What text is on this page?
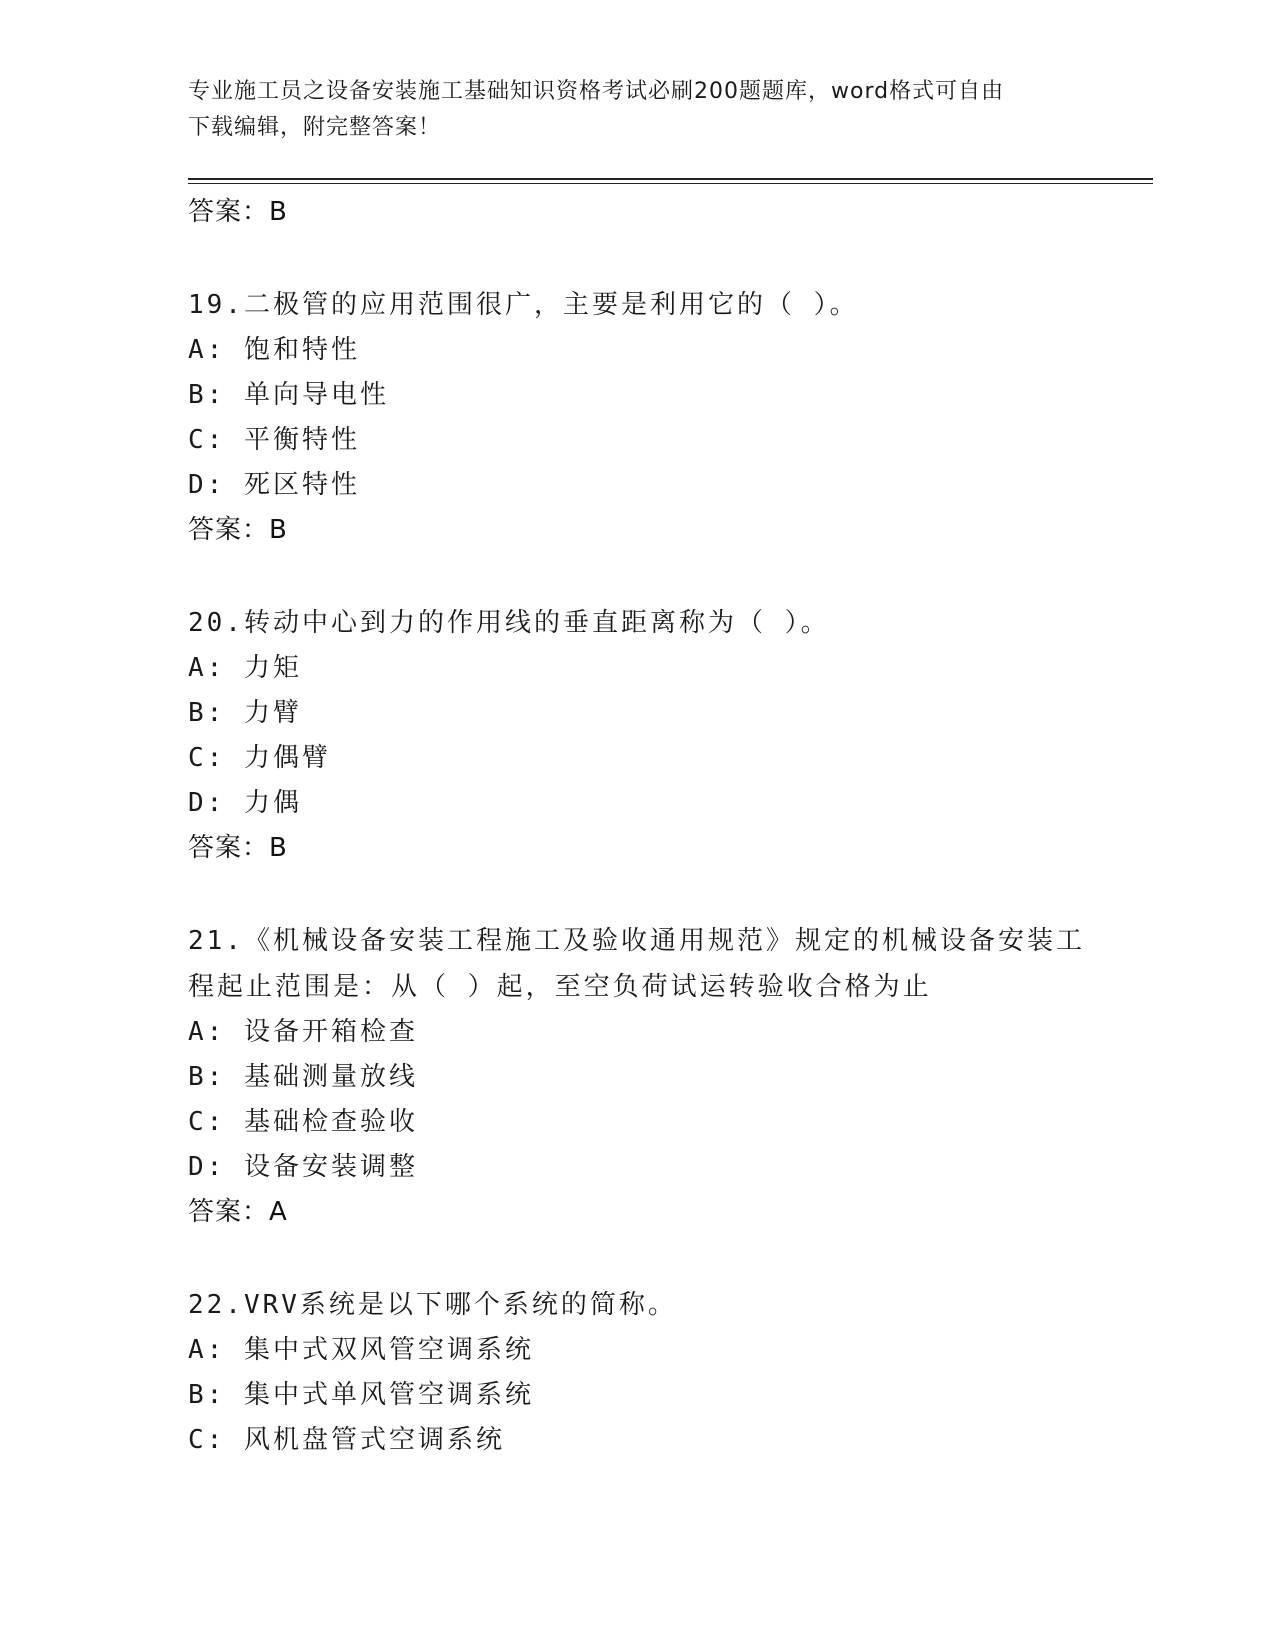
专业施工员之设备安装施工基础知识资格考试必刷200题题库，word格式可自由
下载编辑，附完整答案！
答案：B
19.二极管的应用范围很广，主要是利用它的（ ）。
A: 饱和特性
B: 单向导电性
C: 平衡特性
D: 死区特性
答案：B
20.转动中心到力的作用线的垂直距离称为（ ）。
A: 力矩
B: 力臂
C: 力偶臂
D: 力偶
答案：B
21.《机械设备安装工程施工及验收通用规范》规定的机械设备安装工程起止范围是：从（ ）起，至空负荷试运转验收合格为止
A: 设备开箱检查
B: 基础测量放线
C: 基础检查验收
D: 设备安装调整
答案：A
22.VRV系统是以下哪个系统的简称。
A: 集中式双风管空调系统
B: 集中式单风管空调系统
C: 风机盘管式空调系统
